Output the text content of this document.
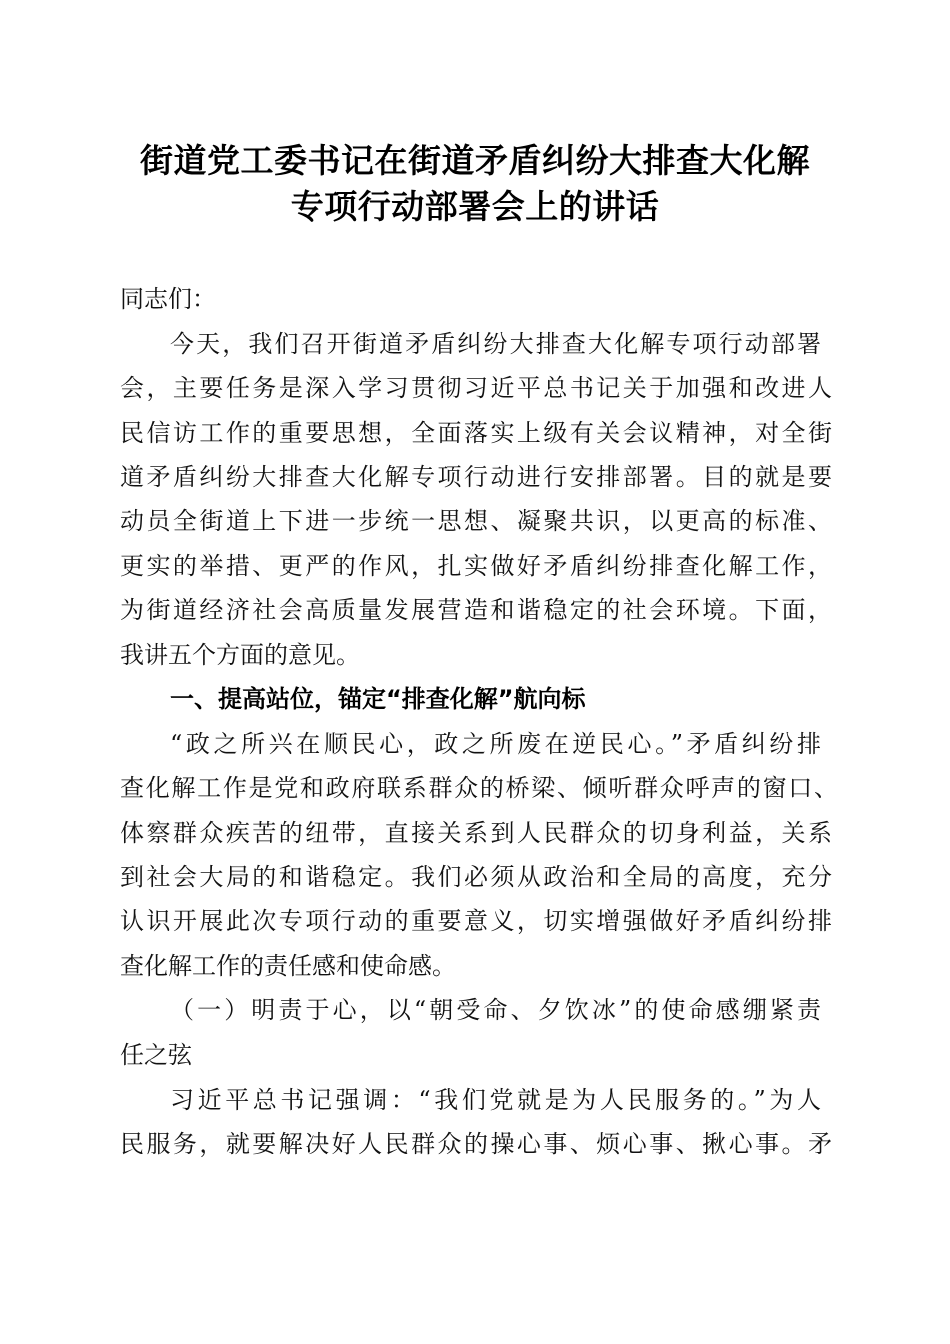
街道党工委书记在街道矛盾纠纷大排查大化解
专项行动部署会上的讲话
同志们：
今天，我们召开街道矛盾纠纷大排查大化解专项行动部署
会，主要任务是深入学习贯彻习近平总书记关于加强和改进人
民信访工作的重要思想，全面落实上级有关会议精神，对全街
道矛盾纠纷大排查大化解专项行动进行安排部署。目的就是要
动员全街道上下进一步统一思想、凝聚共识，以更高的标准、
更实的举措、更严的作风，扎实做好矛盾纠纷排查化解工作，
为街道经济社会高质量发展营造和谐稳定的社会环境。下面，
我讲五个方面的意见。
一、提高站位，锚定“排查化解”航向标
“政之所兴在顺民心，政之所废在逆民心。”矛盾纠纷排
查化解工作是党和政府联系群众的桥梁、倾听群众呼声的窗口、
体察群众疾苦的纽带，直接关系到人民群众的切身利益，关系
到社会大局的和谐稳定。我们必须从政治和全局的高度，充分
认识开展此次专项行动的重要意义，切实增强做好矛盾纠纷排
查化解工作的责任感和使命感。
（一）明责于心，以“朝受命、夕饮冰”的使命感绷紧责
任之弦
习近平总书记强调：“我们党就是为人民服务的。”为人
民服务，就要解决好人民群众的操心事、烦心事、揪心事。矛
